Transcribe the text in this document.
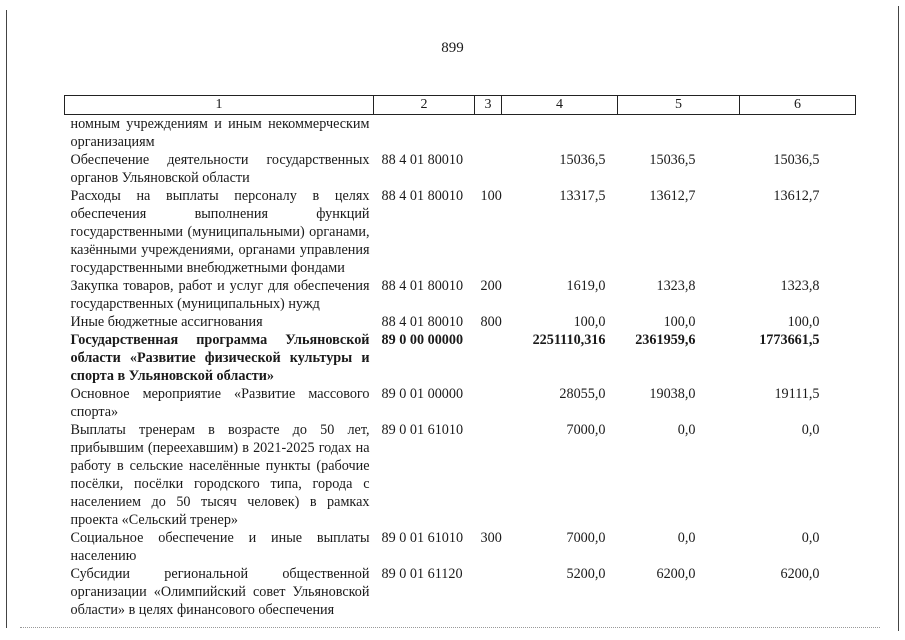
899
1	2	3	4	5	6
номным учреждениям и иным некоммерческим организациям					
Обеспечение деятельности государственных органов Ульяновской области	88 4 01 80010		15036,5	15036,5	15036,5
Расходы на выплаты персоналу в целях обеспечения выполнения функций государственными (муниципальными) органами, казёнными учреждениями, органами управления государственными внебюджетными фондами	88 4 01 80010	100	13317,5	13612,7	13612,7
Закупка товаров, работ и услуг для обеспечения государственных (муниципальных) нужд	88 4 01 80010	200	1619,0	1323,8	1323,8
Иные бюджетные ассигнования	88 4 01 80010	800	100,0	100,0	100,0
Государственная программа Ульяновской области «Развитие физической культуры и спорта в Ульяновской области»	89 0 00 00000		2251110,316	2361959,6	1773661,5
Основное мероприятие «Развитие массового спорта»	89 0 01 00000		28055,0	19038,0	19111,5
Выплаты тренерам в возрасте до 50 лет, прибывшим (переехавшим) в 2021-2025 годах на работу в сельские населённые пункты (рабочие посёлки, посёлки городского типа, города с населением до 50 тысяч человек) в рамках проекта «Сельский тренер»	89 0 01 61010		7000,0	0,0	0,0
Социальное обеспечение и иные выплаты населению	89 0 01 61010	300	7000,0	0,0	0,0
Субсидии региональной общественной организации «Олимпийский совет Ульяновской области» в целях финансового обеспечения	89 0 01 61120		5200,0	6200,0	6200,0
